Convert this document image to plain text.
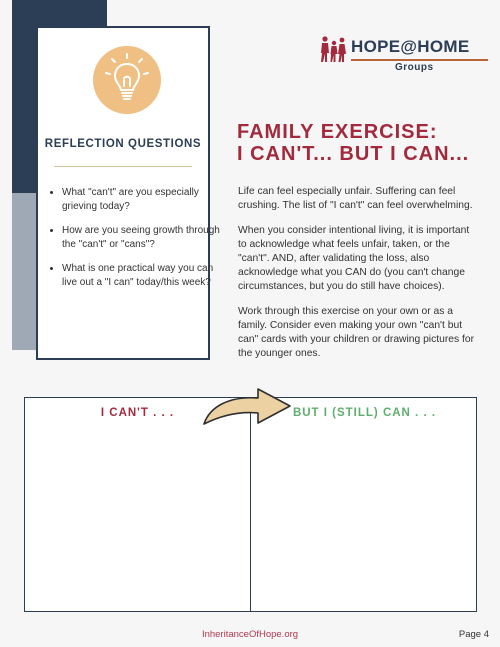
REFLECTION QUESTIONS
• What "can't" are you especially grieving today?
• How are you seeing growth through the "can't" or "cans"?
• What is one practical way you can live out a "I can" today/this week?
HOPE@HOME
Groups
FAMILY EXERCISE:
I CAN'T... BUT I CAN...

Life can feel especially unfair. Suffering can feel crushing. The list of "I can't" can feel overwhelming.

When you consider intentional living, it is important to acknowledge what feels unfair, taken, or the "can't". AND, after validating the loss, also acknowledge what you CAN do (you can't change circumstances, but you do still have choices).

Work through this exercise on your own or as a family. Consider even making your own "can't but can" cards with your children or drawing pictures for the younger ones.

I CAN'T . . .	BUT I (STILL) CAN . . .
InheritanceOfHope.org	Page 4
